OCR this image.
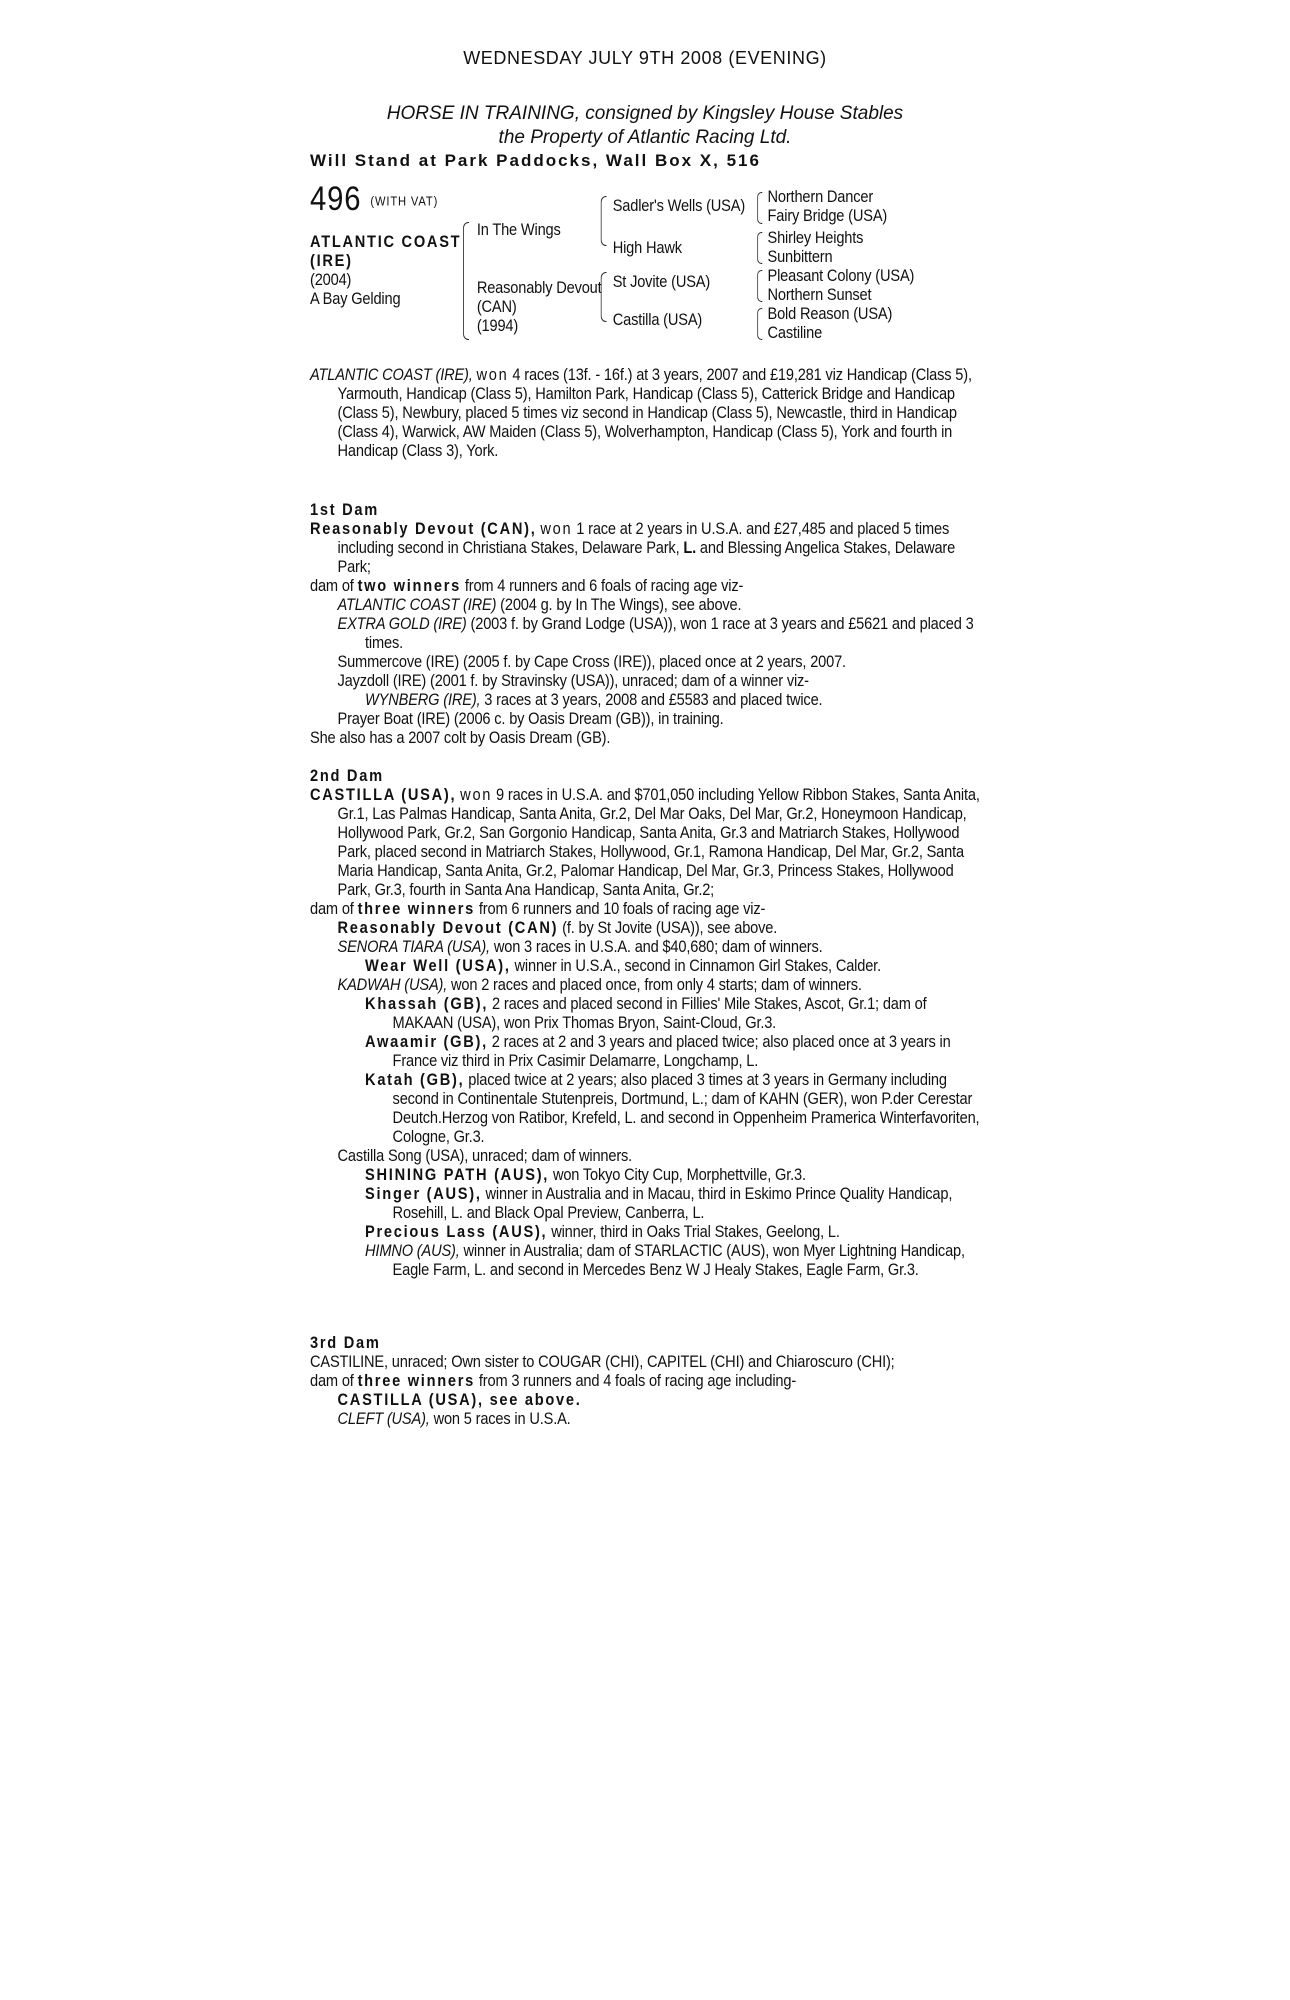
WEDNESDAY JULY 9TH 2008 (EVENING)
HORSE IN TRAINING, consigned by Kingsley House Stables
the Property of Atlantic Racing Ltd.
Will Stand at Park Paddocks, Wall Box X, 516
496 (WITH VAT)
ATLANTIC COAST
(IRE)
(2004)
A Bay Gelding
In The Wings
Reasonably Devout
(CAN)
(1994)
Sadler's Wells (USA)
High Hawk
St Jovite (USA)
Castilla (USA)
Northern Dancer
Fairy Bridge (USA)
Shirley Heights
Sunbittern
Pleasant Colony (USA)
Northern Sunset
Bold Reason (USA)
Castiline

ATLANTIC COAST (IRE), won 4 races (13f. - 16f.) at 3 years, 2007 and £19,281 viz Handicap (Class 5), Yarmouth, Handicap (Class 5), Hamilton Park, Handicap (Class 5), Catterick Bridge and Handicap (Class 5), Newbury, placed 5 times viz second in Handicap (Class 5), Newcastle, third in Handicap (Class 4), Warwick, AW Maiden (Class 5), Wolverhampton, Handicap (Class 5), York and fourth in Handicap (Class 3), York.

1st Dam

Reasonably Devout (CAN), won 1 race at 2 years in U.S.A. and £27,485 and placed 5 times including second in Christiana Stakes, Delaware Park, L. and Blessing Angelica Stakes, Delaware Park;

dam of two winners from 4 runners and 6 foals of racing age viz-

ATLANTIC COAST (IRE) (2004 g. by In The Wings), see above.

EXTRA GOLD (IRE) (2003 f. by Grand Lodge (USA)), won 1 race at 3 years and £5621 and placed 3 times.

Summercove (IRE) (2005 f. by Cape Cross (IRE)), placed once at 2 years, 2007.

Jayzdoll (IRE) (2001 f. by Stravinsky (USA)), unraced; dam of a winner viz-

WYNBERG (IRE), 3 races at 3 years, 2008 and £5583 and placed twice.

Prayer Boat (IRE) (2006 c. by Oasis Dream (GB)), in training.

She also has a 2007 colt by Oasis Dream (GB).

2nd Dam

CASTILLA (USA), won 9 races in U.S.A. and $701,050 including Yellow Ribbon Stakes, Santa Anita, Gr.1, Las Palmas Handicap, Santa Anita, Gr.2, Del Mar Oaks, Del Mar, Gr.2, Honeymoon Handicap, Hollywood Park, Gr.2, San Gorgonio Handicap, Santa Anita, Gr.3 and Matriarch Stakes, Hollywood Park, placed second in Matriarch Stakes, Hollywood, Gr.1, Ramona Handicap, Del Mar, Gr.2, Santa Maria Handicap, Santa Anita, Gr.2, Palomar Handicap, Del Mar, Gr.3, Princess Stakes, Hollywood Park, Gr.3, fourth in Santa Ana Handicap, Santa Anita, Gr.2;

dam of three winners from 6 runners and 10 foals of racing age viz-

Reasonably Devout (CAN) (f. by St Jovite (USA)), see above.

SENORA TIARA (USA), won 3 races in U.S.A. and $40,680; dam of winners.

Wear Well (USA), winner in U.S.A., second in Cinnamon Girl Stakes, Calder.

KADWAH (USA), won 2 races and placed once, from only 4 starts; dam of winners.

Khassah (GB), 2 races and placed second in Fillies' Mile Stakes, Ascot, Gr.1; dam of MAKAAN (USA), won Prix Thomas Bryon, Saint-Cloud, Gr.3.

Awaamir (GB), 2 races at 2 and 3 years and placed twice; also placed once at 3 years in France viz third in Prix Casimir Delamarre, Longchamp, L.

Katah (GB), placed twice at 2 years; also placed 3 times at 3 years in Germany including second in Continentale Stutenpreis, Dortmund, L.; dam of KAHN (GER), won P.der Cerestar Deutch.Herzog von Ratibor, Krefeld, L. and second in Oppenheim Pramerica Winterfavoriten, Cologne, Gr.3.

Castilla Song (USA), unraced; dam of winners.

SHINING PATH (AUS), won Tokyo City Cup, Morphettville, Gr.3.

Singer (AUS), winner in Australia and in Macau, third in Eskimo Prince Quality Handicap, Rosehill, L. and Black Opal Preview, Canberra, L.

Precious Lass (AUS), winner, third in Oaks Trial Stakes, Geelong, L.

HIMNO (AUS), winner in Australia; dam of STARLACTIC (AUS), won Myer Lightning Handicap, Eagle Farm, L. and second in Mercedes Benz W J Healy Stakes, Eagle Farm, Gr.3.

3rd Dam

CASTILINE, unraced; Own sister to COUGAR (CHI), CAPITEL (CHI) and Chiaroscuro (CHI);

dam of three winners from 3 runners and 4 foals of racing age including-

CASTILLA (USA), see above.

CLEFT (USA), won 5 races in U.S.A.
